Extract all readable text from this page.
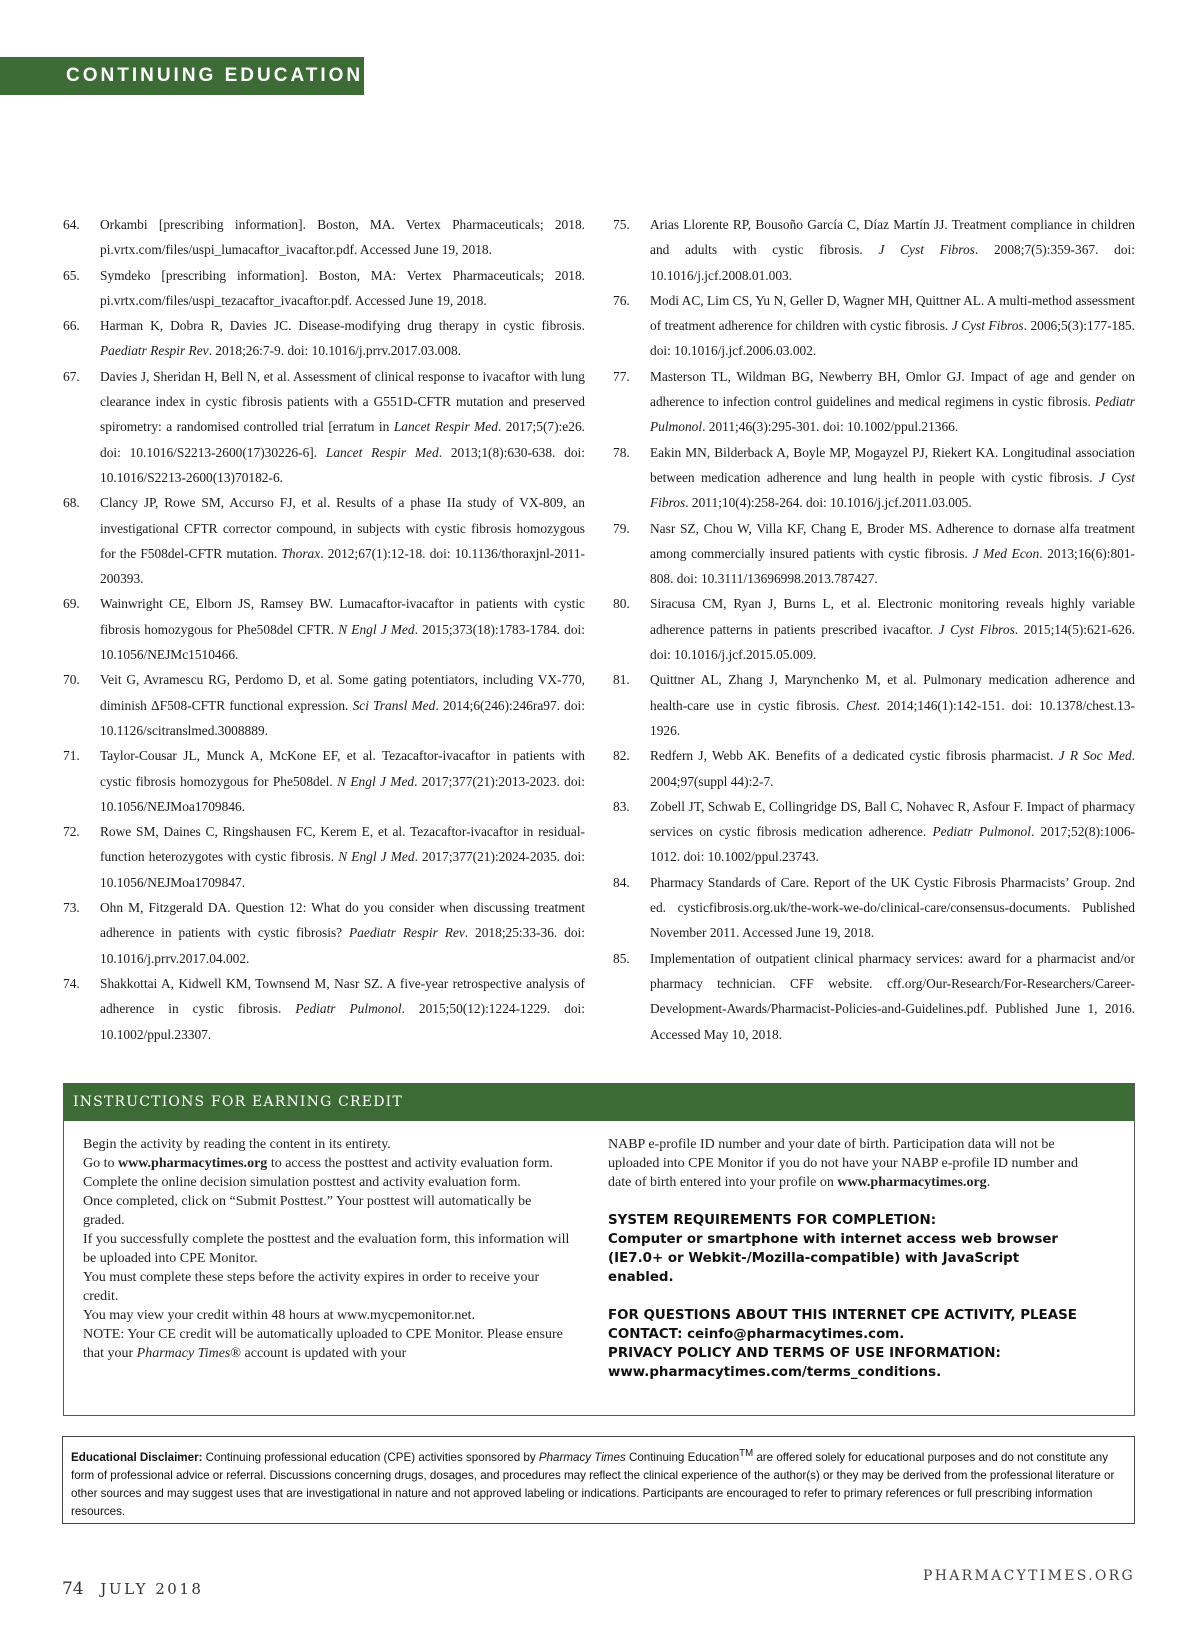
CONTINUING EDUCATION
64.	Orkambi [prescribing information]. Boston, MA. Vertex Pharmaceuticals; 2018. pi.vrtx.com/files/uspi_lumacaftor_ivacaftor.pdf. Accessed June 19, 2018.
65.	Symdeko [prescribing information]. Boston, MA: Vertex Pharmaceuticals; 2018. pi.vrtx.com/files/uspi_tezacaftor_ivacaftor.pdf. Accessed June 19, 2018.
66.	Harman K, Dobra R, Davies JC. Disease-modifying drug therapy in cystic fibrosis. Paediatr Respir Rev. 2018;26:7-9. doi: 10.1016/j.prrv.2017.03.008.
67.	Davies J, Sheridan H, Bell N, et al. Assessment of clinical response to ivacaftor with lung clearance index in cystic fibrosis patients with a G551D-CFTR mutation and preserved spirometry: a randomised controlled trial [erratum in Lancet Respir Med. 2017;5(7):e26. doi: 10.1016/S2213-2600(17)30226-6]. Lancet Respir Med. 2013;1(8):630-638. doi: 10.1016/S2213-2600(13)70182-6.
68.	Clancy JP, Rowe SM, Accurso FJ, et al. Results of a phase IIa study of VX-809, an investigational CFTR corrector compound, in subjects with cystic fibrosis homozygous for the F508del-CFTR mutation. Thorax. 2012;67(1):12-18. doi: 10.1136/thoraxjnl-2011-200393.
69.	Wainwright CE, Elborn JS, Ramsey BW. Lumacaftor-ivacaftor in patients with cystic fibrosis homozygous for Phe508del CFTR. N Engl J Med. 2015;373(18):1783-1784. doi: 10.1056/NEJMc1510466.
70.	Veit G, Avramescu RG, Perdomo D, et al. Some gating potentiators, including VX-770, diminish ΔF508-CFTR functional expression. Sci Transl Med. 2014;6(246):246ra97. doi: 10.1126/scitranslmed.3008889.
71.	Taylor-Cousar JL, Munck A, McKone EF, et al. Tezacaftor-ivacaftor in patients with cystic fibrosis homozygous for Phe508del. N Engl J Med. 2017;377(21):2013-2023. doi: 10.1056/NEJMoa1709846.
72.	Rowe SM, Daines C, Ringshausen FC, Kerem E, et al. Tezacaftor-ivacaftor in residual-function heterozygotes with cystic fibrosis. N Engl J Med. 2017;377(21):2024-2035. doi: 10.1056/NEJMoa1709847.
73.	Ohn M, Fitzgerald DA. Question 12: What do you consider when discussing treatment adherence in patients with cystic fibrosis? Paediatr Respir Rev. 2018;25:33-36. doi: 10.1016/j.prrv.2017.04.002.
74.	Shakkottai A, Kidwell KM, Townsend M, Nasr SZ. A five-year retrospective analysis of adherence in cystic fibrosis. Pediatr Pulmonol. 2015;50(12):1224-1229. doi: 10.1002/ppul.23307.
75.	Arias Llorente RP, Bousoño García C, Díaz Martín JJ. Treatment compliance in children and adults with cystic fibrosis. J Cyst Fibros. 2008;7(5):359-367. doi: 10.1016/j.jcf.2008.01.003.
76.	Modi AC, Lim CS, Yu N, Geller D, Wagner MH, Quittner AL. A multi-method assessment of treatment adherence for children with cystic fibrosis. J Cyst Fibros. 2006;5(3):177-185. doi: 10.1016/j.jcf.2006.03.002.
77.	Masterson TL, Wildman BG, Newberry BH, Omlor GJ. Impact of age and gender on adherence to infection control guidelines and medical regimens in cystic fibrosis. Pediatr Pulmonol. 2011;46(3):295-301. doi: 10.1002/ppul.21366.
78.	Eakin MN, Bilderback A, Boyle MP, Mogayzel PJ, Riekert KA. Longitudinal association between medication adherence and lung health in people with cystic fibrosis. J Cyst Fibros. 2011;10(4):258-264. doi: 10.1016/j.jcf.2011.03.005.
79.	Nasr SZ, Chou W, Villa KF, Chang E, Broder MS. Adherence to dornase alfa treatment among commercially insured patients with cystic fibrosis. J Med Econ. 2013;16(6):801-808. doi: 10.3111/13696998.2013.787427.
80.	Siracusa CM, Ryan J, Burns L, et al. Electronic monitoring reveals highly variable adherence patterns in patients prescribed ivacaftor. J Cyst Fibros. 2015;14(5):621-626. doi: 10.1016/j.jcf.2015.05.009.
81.	Quittner AL, Zhang J, Marynchenko M, et al. Pulmonary medication adherence and health-care use in cystic fibrosis. Chest. 2014;146(1):142-151. doi: 10.1378/chest.13-1926.
82.	Redfern J, Webb AK. Benefits of a dedicated cystic fibrosis pharmacist. J R Soc Med. 2004;97(suppl 44):2-7.
83.	Zobell JT, Schwab E, Collingridge DS, Ball C, Nohavec R, Asfour F. Impact of pharmacy services on cystic fibrosis medication adherence. Pediatr Pulmonol. 2017;52(8):1006-1012. doi: 10.1002/ppul.23743.
84.	Pharmacy Standards of Care. Report of the UK Cystic Fibrosis Pharmacists’ Group. 2nd ed. cysticfibrosis.org.uk/the-work-we-do/clinical-care/consensus-documents. Published November 2011. Accessed June 19, 2018.
85.	Implementation of outpatient clinical pharmacy services: award for a pharmacist and/or pharmacy technician. CFF website. cff.org/Our-Research/For-Researchers/Career-Development-Awards/Pharmacist-Policies-and-Guidelines.pdf. Published June 1, 2016. Accessed May 10, 2018.
INSTRUCTIONS FOR EARNING CREDIT

Begin the activity by reading the content in its entirety.

Go to www.pharmacytimes.org to access the posttest and activity evaluation form.

Complete the online decision simulation posttest and activity evaluation form.

Once completed, click on “Submit Posttest.” Your posttest will automatically be graded.

If you successfully complete the posttest and the evaluation form, this information will be uploaded into CPE Monitor.

You must complete these steps before the activity expires in order to receive your credit.

You may view your credit within 48 hours at www.mycpemonitor.net.

NOTE: Your CE credit will be automatically uploaded to CPE Monitor. Please ensure that your Pharmacy Times® account is updated with your

NABP e-profile ID number and your date of birth. Participation data will not be uploaded into CPE Monitor if you do not have your NABP e-profile ID number and date of birth entered into your profile on www.pharmacytimes.org.

SYSTEM REQUIREMENTS FOR COMPLETION:

Computer or smartphone with internet access web browser

(IE7.0+ or Webkit-/Mozilla-compatible) with JavaScript enabled.

FOR QUESTIONS ABOUT THIS INTERNET CPE ACTIVITY, PLEASE

CONTACT: ceinfo@pharmacytimes.com.

PRIVACY POLICY AND TERMS OF USE INFORMATION:

www.pharmacytimes.com/terms_conditions.

Educational Disclaimer: Continuing professional education (CPE) activities sponsored by Pharmacy Times Continuing Education™ are offered solely for educational purposes and do not constitute any form of professional advice or referral. Discussions concerning drugs, dosages, and procedures may reflect the clinical experience of the author(s) or they may be derived from the professional literature or other sources and may suggest uses that are investigational in nature and not approved labeling or indications. Participants are encouraged to refer to primary references or full prescribing information resources.
74 JULY 2018
PHARMACYTIMES.ORG
